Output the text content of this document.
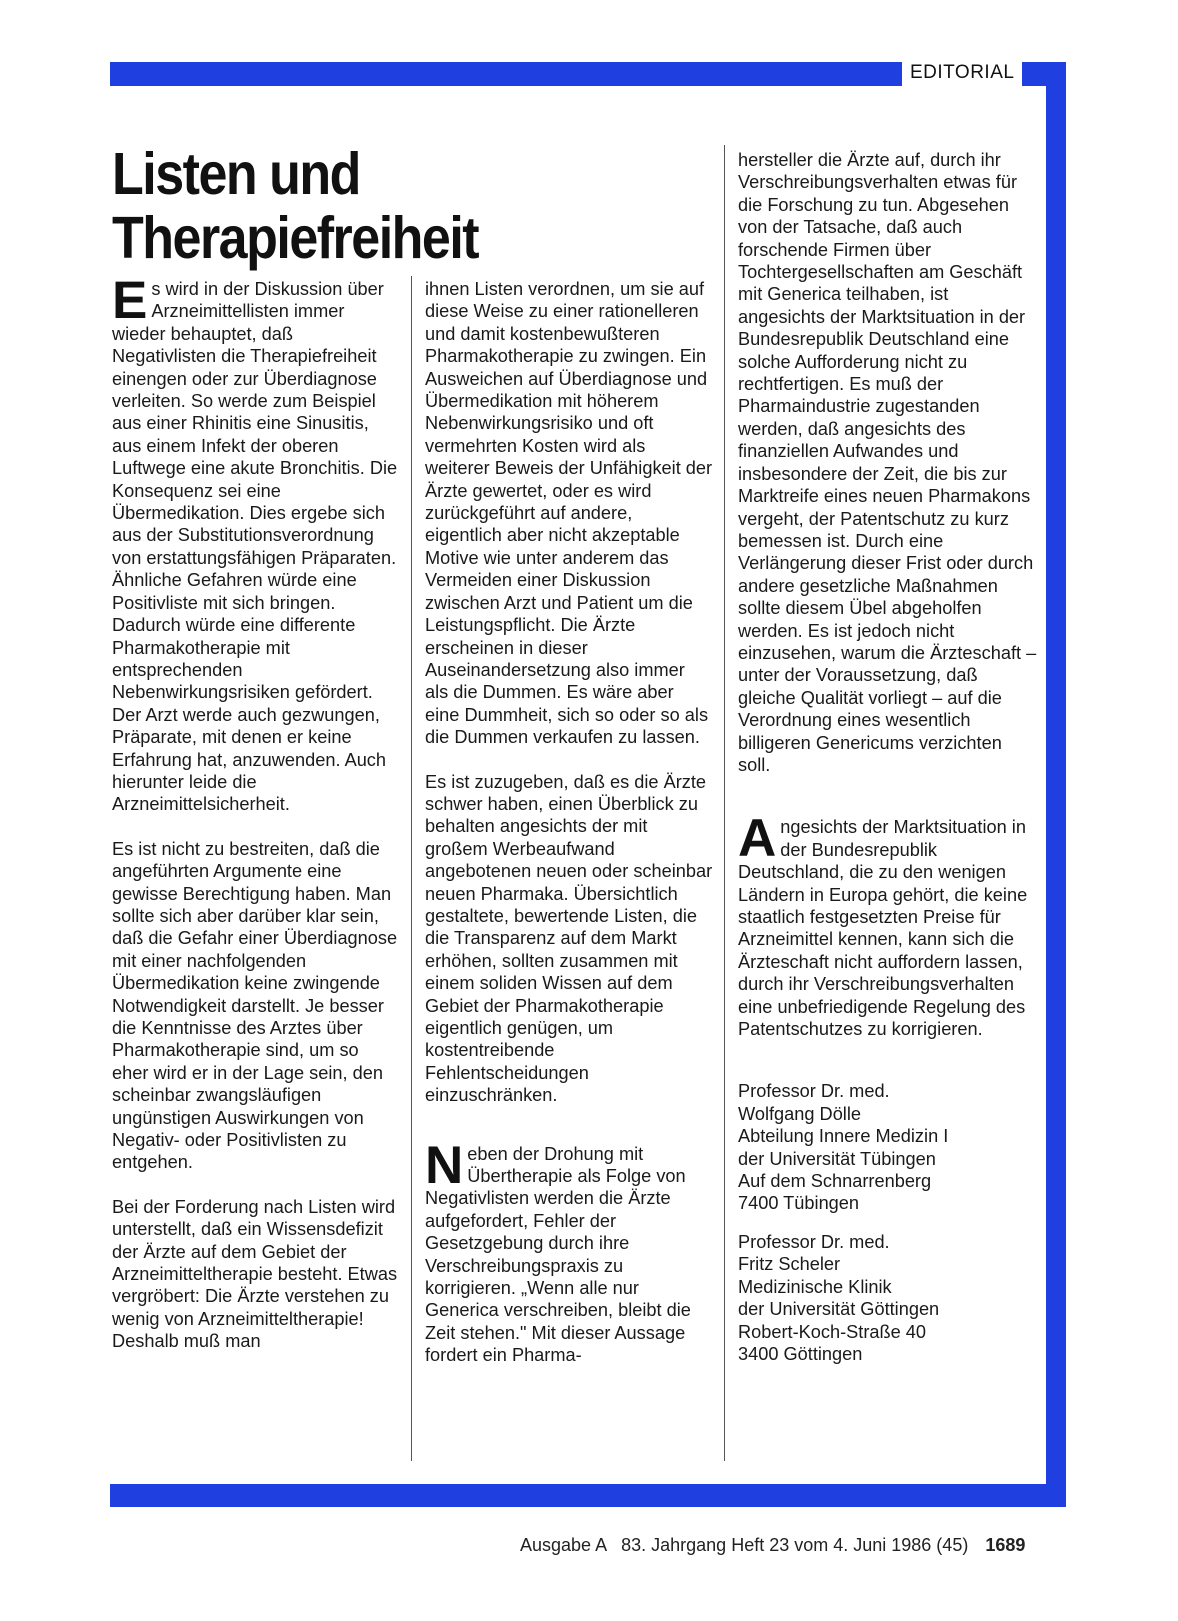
EDITORIAL
Listen und Therapiefreiheit

Es wird in der Diskussion über Arzneimittellisten immer wieder behauptet, daß Negativlisten die Therapiefreiheit einengen oder zur Überdiagnose verleiten. So werde zum Beispiel aus einer Rhinitis eine Sinusitis, aus einem Infekt der oberen Luftwege eine akute Bronchitis. Die Konsequenz sei eine Übermedikation. Dies ergebe sich aus der Substitutionsverordnung von erstattungsfähigen Präparaten. Ähnliche Gefahren würde eine Positivliste mit sich bringen. Dadurch würde eine differente Pharmakotherapie mit entsprechenden Nebenwirkungsrisiken gefördert. Der Arzt werde auch gezwungen, Präparate, mit denen er keine Erfahrung hat, anzuwenden. Auch hierunter leide die Arzneimittelsicherheit.

Es ist nicht zu bestreiten, daß die angeführten Argumente eine gewisse Berechtigung haben. Man sollte sich aber darüber klar sein, daß die Gefahr einer Überdiagnose mit einer nachfolgenden Übermedikation keine zwingende Notwendigkeit darstellt. Je besser die Kenntnisse des Arztes über Pharmakotherapie sind, um so eher wird er in der Lage sein, den scheinbar zwangsläufigen ungünstigen Auswirkungen von Negativ- oder Positivlisten zu entgehen.

Bei der Forderung nach Listen wird unterstellt, daß ein Wissensdefizit der Ärzte auf dem Gebiet der Arzneimitteltherapie besteht. Etwas vergröbert: Die Ärzte verstehen zu wenig von Arzneimitteltherapie! Deshalb muß man

ihnen Listen verordnen, um sie auf diese Weise zu einer rationelleren und damit kostenbewußteren Pharmakotherapie zu zwingen. Ein Ausweichen auf Überdiagnose und Übermedikation mit höherem Nebenwirkungsrisiko und oft vermehrten Kosten wird als weiterer Beweis der Unfähigkeit der Ärzte gewertet, oder es wird zurückgeführt auf andere, eigentlich aber nicht akzeptable Motive wie unter anderem das Vermeiden einer Diskussion zwischen Arzt und Patient um die Leistungspflicht. Die Ärzte erscheinen in dieser Auseinandersetzung also immer als die Dummen. Es wäre aber eine Dummheit, sich so oder so als die Dummen verkaufen zu lassen.

Es ist zuzugeben, daß es die Ärzte schwer haben, einen Überblick zu behalten angesichts der mit großem Werbeaufwand angebotenen neuen oder scheinbar neuen Pharmaka. Übersichtlich gestaltete, bewertende Listen, die die Transparenz auf dem Markt erhöhen, sollten zusammen mit einem soliden Wissen auf dem Gebiet der Pharmakotherapie eigentlich genügen, um kostentreibende Fehlentscheidungen einzuschränken.

Neben der Drohung mit Übertherapie als Folge von Negativlisten werden die Ärzte aufgefordert, Fehler der Gesetzgebung durch ihre Verschreibungspraxis zu korrigieren. „Wenn alle nur Generica verschreiben, bleibt die Zeit stehen." Mit dieser Aussage fordert ein Pharma-

hersteller die Ärzte auf, durch ihr Verschreibungsverhalten etwas für die Forschung zu tun. Abgesehen von der Tatsache, daß auch forschende Firmen über Tochtergesellschaften am Geschäft mit Generica teilhaben, ist angesichts der Marktsituation in der Bundesrepublik Deutschland eine solche Aufforderung nicht zu rechtfertigen. Es muß der Pharmaindustrie zugestanden werden, daß angesichts des finanziellen Aufwandes und insbesondere der Zeit, die bis zur Marktreife eines neuen Pharmakons vergeht, der Patentschutz zu kurz bemessen ist. Durch eine Verlängerung dieser Frist oder durch andere gesetzliche Maßnahmen sollte diesem Übel abgeholfen werden. Es ist jedoch nicht einzusehen, warum die Ärzteschaft – unter der Voraussetzung, daß gleiche Qualität vorliegt – auf die Verordnung eines wesentlich billigeren Genericums verzichten soll.

Angesichts der Marktsituation in der Bundesrepublik Deutschland, die zu den wenigen Ländern in Europa gehört, die keine staatlich festgesetzten Preise für Arzneimittel kennen, kann sich die Ärzteschaft nicht auffordern lassen, durch ihr Verschreibungsverhalten eine unbefriedigende Regelung des Patentschutzes zu korrigieren.

Professor Dr. med.
Wolfgang Dölle
Abteilung Innere Medizin I
der Universität Tübingen
Auf dem Schnarrenberg
7400 Tübingen
Professor Dr. med.
Fritz Scheler
Medizinische Klinik
der Universität Göttingen
Robert-Koch-Straße 40
3400 Göttingen
Ausgabe A 83. Jahrgang Heft 23 vom 4. Juni 1986 (45) 1689
